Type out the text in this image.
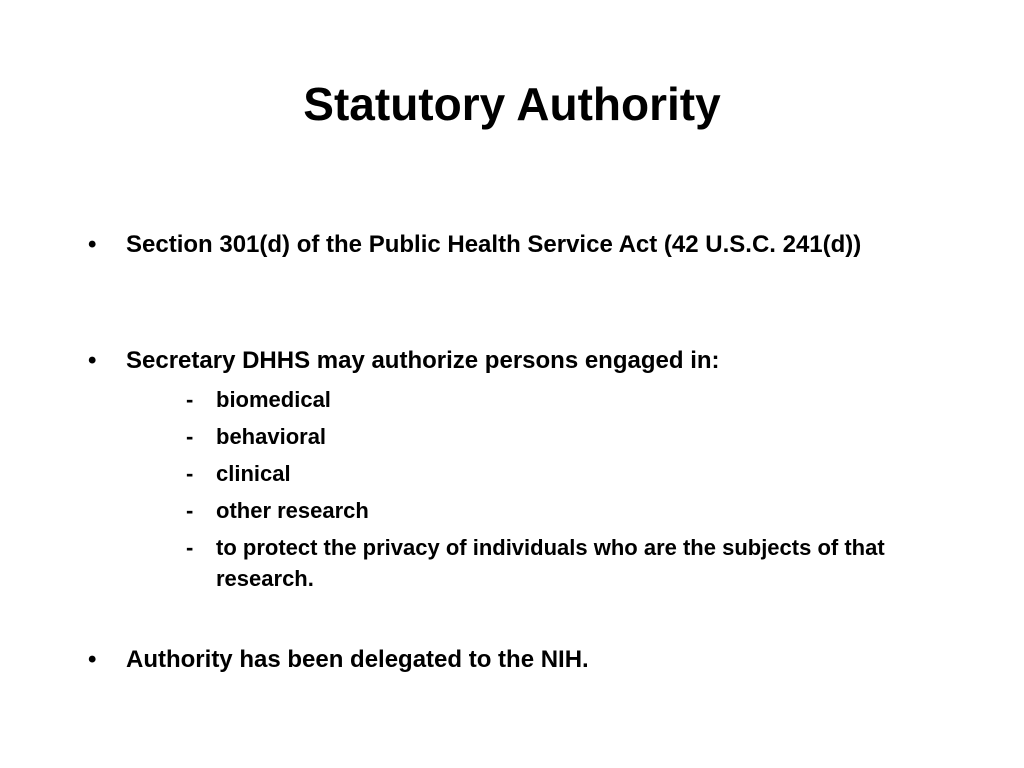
Statutory Authority
•	Section 301(d) of the Public Health Service Act (42 U.S.C. 241(d))
•	Secretary DHHS may authorize persons engaged in:
- biomedical
- behavioral
- clinical
- other research
- to protect the privacy of individuals who are the subjects of that research.
•	Authority has been delegated to the NIH.
